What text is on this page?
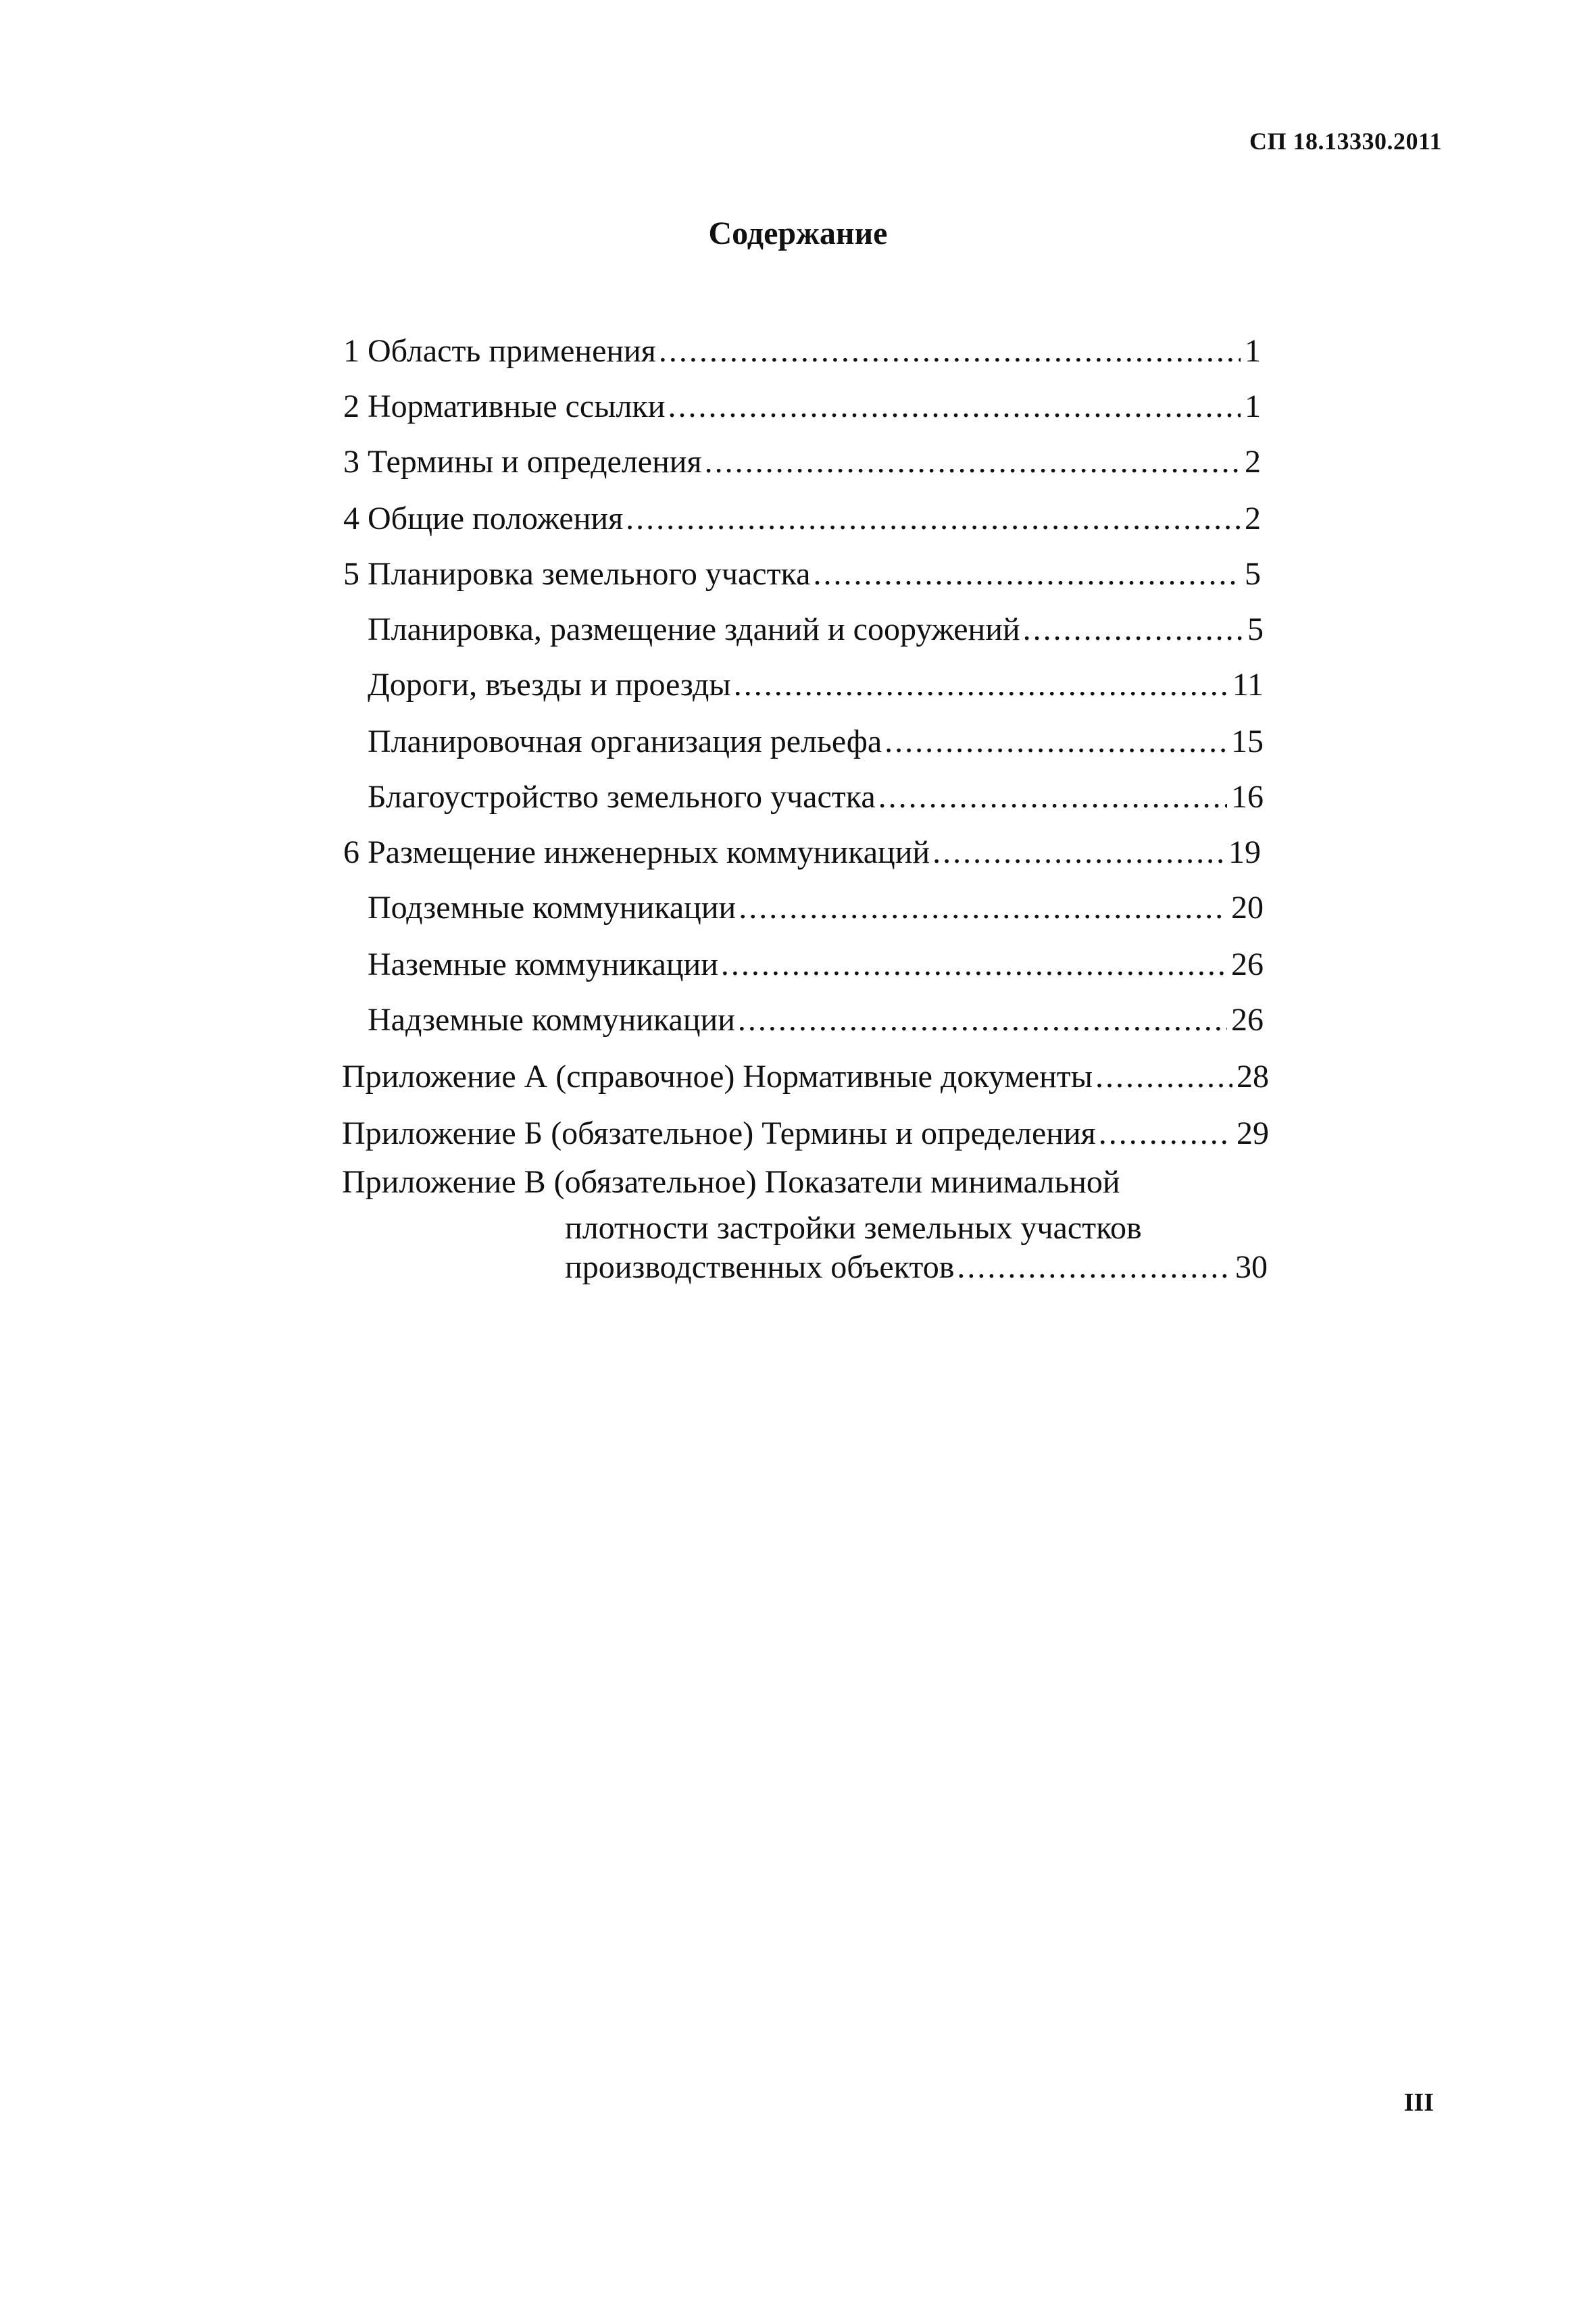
СП 18.13330.2011
Содержание
1 Область применения .....	1
2 Нормативные ссылки .....	1
3 Термины и определения .....	2
4 Общие положения .....	2
5 Планировка земельного участка .....	5
Планировка, размещение зданий и сооружений .....	5
Дороги, въезды и проезды .....	11
Планировочная организация рельефа .....	15
Благоустройство земельного участка .....	16
6 Размещение инженерных коммуникаций .....	19
Подземные коммуникации .....	20
Наземные коммуникации .....	26
Надземные коммуникации .....	26
Приложение А (справочное) Нормативные документы .....	28
Приложение Б (обязательное) Термины и определения .....	29
Приложение В (обязательное) Показатели минимальной
плотности застройки земельных участков
производственных объектов .....	30
III
